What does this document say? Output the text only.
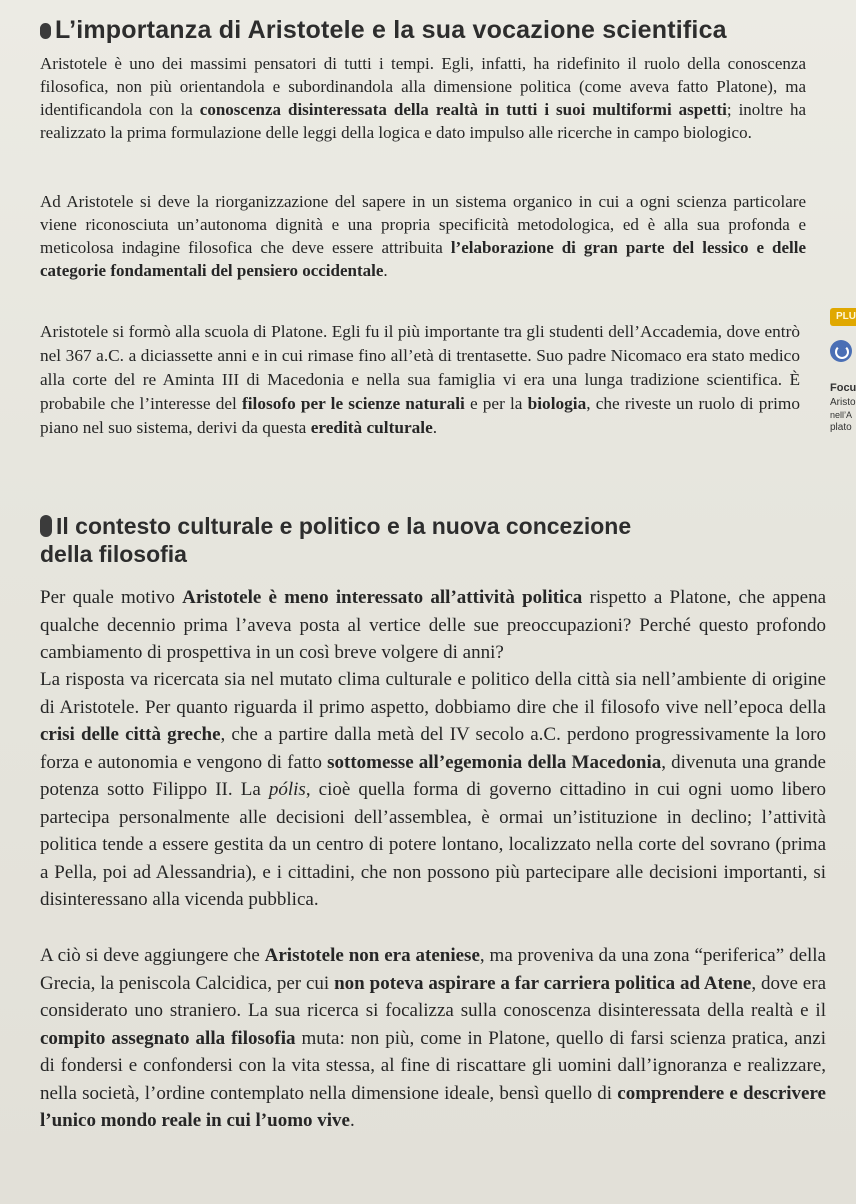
L’importanza di Aristotele e la sua vocazione scientifica

Aristotele è uno dei massimi pensatori di tutti i tempi. Egli, infatti, ha ridefinito il ruolo della conoscenza filosofica, non più orientandola e subordinandola alla dimensione politica (come aveva fatto Platone), ma identificandola con la conoscenza disinteressata della realtà in tutti i suoi multiformi aspetti; inoltre ha realizzato la prima formulazione delle leggi della logica e dato impulso alle ricerche in campo biologico.

Ad Aristotele si deve la riorganizzazione del sapere in un sistema organico in cui a ogni scienza particolare viene riconosciuta un’autonoma dignità e una propria specificità metodologica, ed è alla sua profonda e meticolosa indagine filosofica che deve essere attribuita l’elaborazione di gran parte del lessico e delle categorie fondamentali del pensiero occidentale.

Aristotele si formò alla scuola di Platone. Egli fu il più importante tra gli studenti dell’Accademia, dove entrò nel 367 a.C. a diciassette anni e in cui rimase fino all’età di trentasette. Suo padre Nicomaco era stato medico alla corte del re Aminta III di Macedonia e nella sua famiglia vi era una lunga tradizione scientifica. È probabile che l’interesse del filosofo per le scienze naturali e per la biologia, che riveste un ruolo di primo piano nel suo sistema, derivi da questa eredità culturale.

PLU
Focu
Aristo
nell’A
plato
Il contesto culturale e politico e la nuova concezione
della filosofia

Per quale motivo Aristotele è meno interessato all’attività politica rispetto a Platone, che appena qualche decennio prima l’aveva posta al vertice delle sue preoccupazioni? Perché questo profondo cambiamento di prospettiva in un così breve volgere di anni?

La risposta va ricercata sia nel mutato clima culturale e politico della città sia nell’ambiente di origine di Aristotele. Per quanto riguarda il primo aspetto, dobbiamo dire che il filosofo vive nell’epoca della crisi delle città greche, che a partire dalla metà del IV secolo a.C. perdono progressivamente la loro forza e autonomia e vengono di fatto sottomesse all’egemonia della Macedonia, divenuta una grande potenza sotto Filippo II. La pólis, cioè quella forma di governo cittadino in cui ogni uomo libero partecipa personalmente alle decisioni dell’assemblea, è ormai un’istituzione in declino; l’attività politica tende a essere gestita da un centro di potere lontano, localizzato nella corte del sovrano (prima a Pella, poi ad Alessandria), e i cittadini, che non possono più partecipare alle decisioni importanti, si disinteressano alla vicenda pubblica.

A ciò si deve aggiungere che Aristotele non era ateniese, ma proveniva da una zona “periferica” della Grecia, la peniscola Calcidica, per cui non poteva aspirare a far carriera politica ad Atene, dove era considerato uno straniero. La sua ricerca si focalizza sulla conoscenza disinteressata della realtà e il compito assegnato alla filosofia muta: non più, come in Platone, quello di farsi scienza pratica, anzi di fondersi e confondersi con la vita stessa, al fine di riscattare gli uomini dall’ignoranza e realizzare, nella società, l’ordine contemplato nella dimensione ideale, bensì quello di comprendere e descrivere l’unico mondo reale in cui l’uomo vive.
